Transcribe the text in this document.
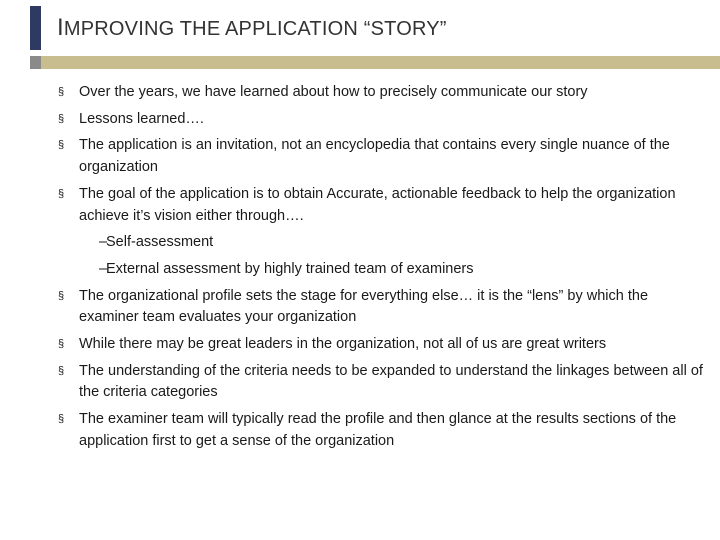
IMPROVING THE APPLICATION “STORY”
§	Over the years, we have learned about how to precisely communicate our story
§	Lessons learned….
§	The application is an invitation, not an encyclopedia that contains every single nuance of the organization
§	The goal of the application is to obtain Accurate, actionable feedback to help the organization achieve it’s vision either through….
–
Self-assessment
–
External assessment by highly trained team of examiners
§	The organizational profile sets the stage for everything else… it is the “lens” by which the examiner team evaluates your organization
§	While there may be great leaders in the organization, not all of us are great writers
§	The understanding of the criteria needs to be expanded to understand the linkages between all of the criteria categories
§	The examiner team will typically read the profile and then glance at the results sections of the application first to get a sense of the organization
